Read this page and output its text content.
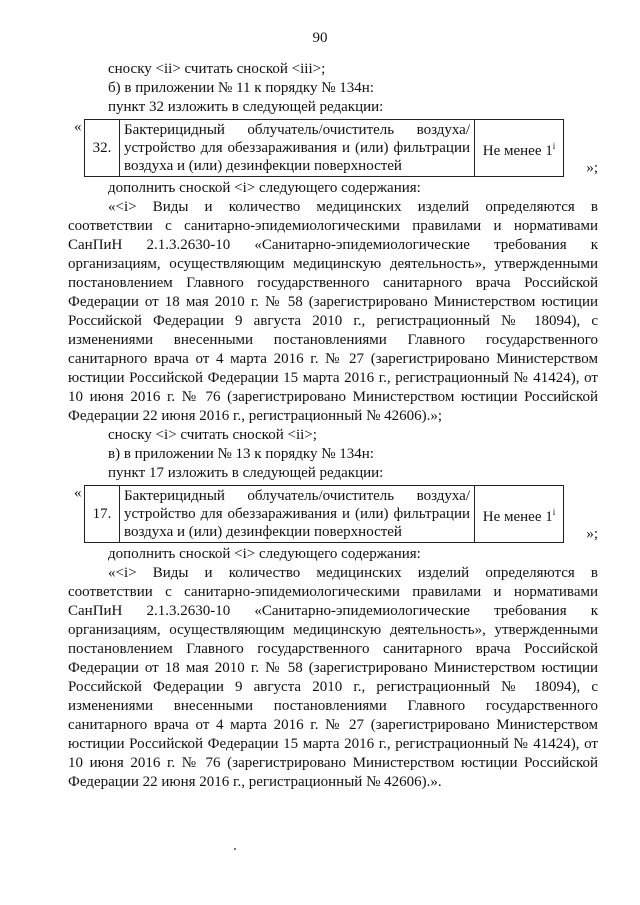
90

сноску <ii> считать сноской <iii>;

б) в приложении № 11 к порядку № 134н:

пункт 32 изложить в следующей редакции:

«
32.	Бактерицидный облучатель/очиститель воздуха/устройство для обеззараживания и (или) фильтрации воздуха и (или) дезинфекции поверхностей	Не менее 1$^i$
»;

дополнить сноской <i> следующего содержания:

«<i> Виды и количество медицинских изделий определяются в соответствии с санитарно-эпидемиологическими правилами и нормативами СанПиН 2.1.3.2630-10 «Санитарно-эпидемиологические требования к организациям, осуществляющим медицинскую деятельность», утвержденными постановлением Главного государственного санитарного врача Российской Федерации от 18 мая 2010 г. № 58 (зарегистрировано Министерством юстиции Российской Федерации 9 августа 2010 г., регистрационный № 18094), с изменениями внесенными постановлениями Главного государственного санитарного врача от 4 марта 2016 г. № 27 (зарегистрировано Министерством юстиции Российской Федерации 15 марта 2016 г., регистрационный № 41424), от 10 июня 2016 г. № 76 (зарегистрировано Министерством юстиции Российской Федерации 22 июня 2016 г., регистрационный № 42606).»;

сноску <i> считать сноской <ii>;

в) в приложении № 13 к порядку № 134н:

пункт 17 изложить в следующей редакции:

«
17.	Бактерицидный облучатель/очиститель воздуха/устройство для обеззараживания и (или) фильтрации воздуха и (или) дезинфекции поверхностей	Не менее 1$^i$
»;

дополнить сноской <i> следующего содержания:

«<i> Виды и количество медицинских изделий определяются в соответствии с санитарно-эпидемиологическими правилами и нормативами СанПиН 2.1.3.2630-10 «Санитарно-эпидемиологические требования к организациям, осуществляющим медицинскую деятельность», утвержденными постановлением Главного государственного санитарного врача Российской Федерации от 18 мая 2010 г. № 58 (зарегистрировано Министерством юстиции Российской Федерации 9 августа 2010 г., регистрационный № 18094), с изменениями внесенными постановлениями Главного государственного санитарного врача от 4 марта 2016 г. № 27 (зарегистрировано Министерством юстиции Российской Федерации 15 марта 2016 г., регистрационный № 41424), от 10 июня 2016 г. № 76 (зарегистрировано Министерством юстиции Российской Федерации 22 июня 2016 г., регистрационный № 42606).».
